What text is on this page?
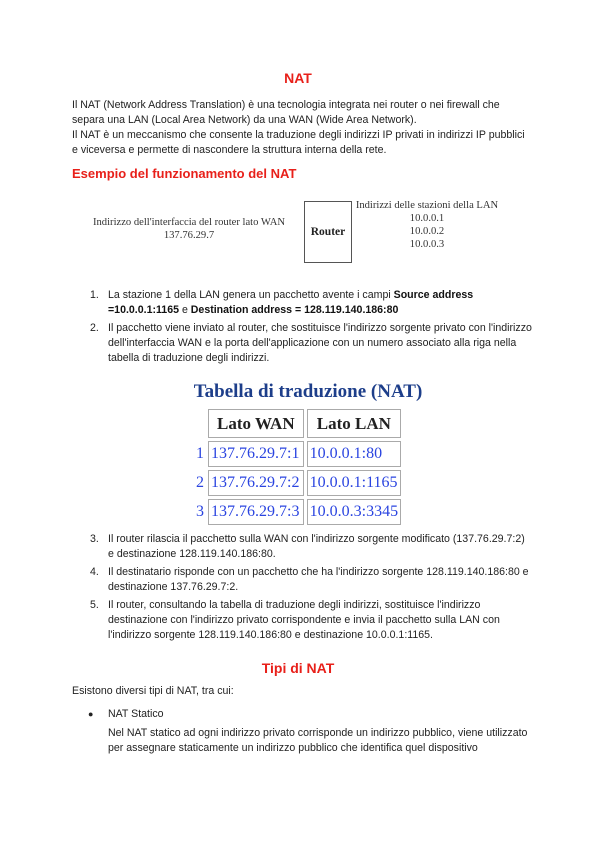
NAT

Il NAT (Network Address Translation) è una tecnologia integrata nei router o nei firewall che separa una LAN (Local Area Network) da una WAN (Wide Area Network).

Il NAT è un meccanismo che consente la traduzione degli indirizzi IP privati in indirizzi IP pubblici e viceversa e permette di nascondere la struttura interna della rete.

Esempio del funzionamento del NAT
Indirizzo dell'interfaccia del router lato WAN
137.76.29.7	Router
Indirizzi delle stazioni della LAN
10.0.0.1
10.0.0.2
10.0.0.3
1. La stazione 1 della LAN genera un pacchetto avente i campi Source address =10.0.0.1:1165 e Destination address = 128.119.140.186:80
2. Il pacchetto viene inviato al router, che sostituisce l'indirizzo sorgente privato con l'indirizzo dell'interfaccia WAN e la porta dell'applicazione con un numero associato alla riga nella tabella di traduzione degli indirizzi.
Tabella di traduzione (NAT)
	Lato WAN	Lato LAN
1	137.76.29.7:1	10.0.0.1:80
2	137.76.29.7:2	10.0.0.1:1165
3	137.76.29.7:3	10.0.0.3:3345
3. Il router rilascia il pacchetto sulla WAN con l'indirizzo sorgente modificato (137.76.29.7:2) e destinazione 128.119.140.186:80.
4. Il destinatario risponde con un pacchetto che ha l'indirizzo sorgente 128.119.140.186:80 e destinazione 137.76.29.7:2.
5. Il router, consultando la tabella di traduzione degli indirizzi, sostituisce l'indirizzo destinazione con l'indirizzo privato corrispondente e invia il pacchetto sulla LAN con l'indirizzo sorgente 128.119.140.186:80 e destinazione 10.0.0.1:1165.
Tipi di NAT
Esistono diversi tipi di NAT, tra cui:
● NAT Statico
Nel NAT statico ad ogni indirizzo privato corrisponde un indirizzo pubblico, viene utilizzato per assegnare staticamente un indirizzo pubblico che identifica quel dispositivo
